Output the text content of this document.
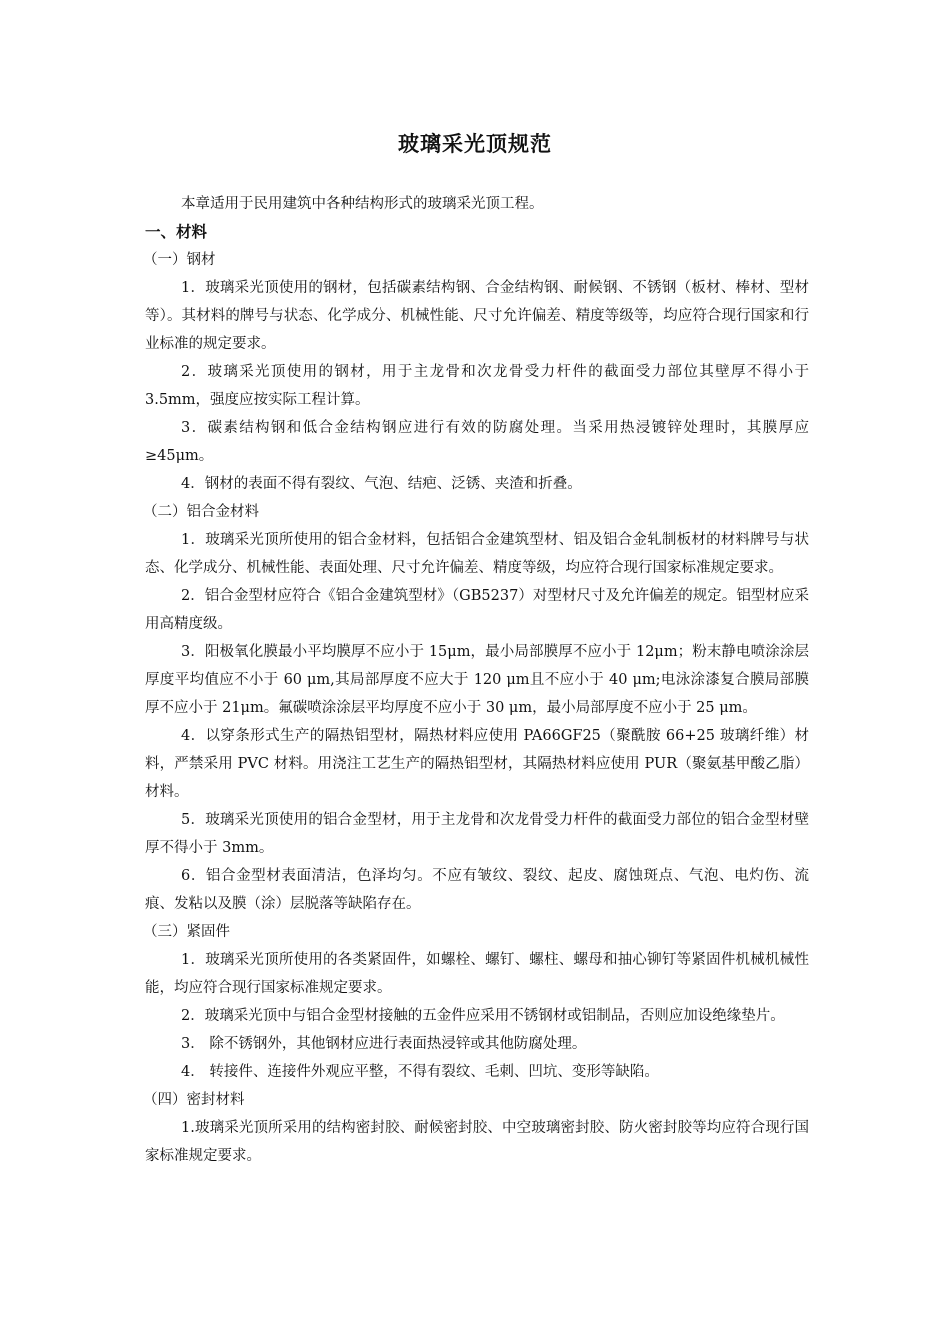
玻璃采光顶规范

本章适用于民用建筑中各种结构形式的玻璃采光顶工程。

一、材料

（一）钢材

1．玻璃采光顶使用的钢材，包括碳素结构钢、合金结构钢、耐候钢、不锈钢（板材、棒材、型材等）。其材料的牌号与状态、化学成分、机械性能、尺寸允许偏差、精度等级等，均应符合现行国家和行业标准的规定要求。

2．玻璃采光顶使用的钢材，用于主龙骨和次龙骨受力杆件的截面受力部位其壁厚不得小于 3.5mm，强度应按实际工程计算。

3．碳素结构钢和低合金结构钢应进行有效的防腐处理。当采用热浸镀锌处理时，其膜厚应≥45μm。

4．钢材的表面不得有裂纹、气泡、结疤、泛锈、夹渣和折叠。

（二）铝合金材料

1．玻璃采光顶所使用的铝合金材料，包括铝合金建筑型材、铝及铝合金轧制板材的材料牌号与状态、化学成分、机械性能、表面处理、尺寸允许偏差、精度等级，均应符合现行国家标准规定要求。

2．铝合金型材应符合《铝合金建筑型材》（GB5237）对型材尺寸及允许偏差的规定。铝型材应采用高精度级。

3．阳极氧化膜最小平均膜厚不应小于 15μm，最小局部膜厚不应小于 12μm；粉末静电喷涂涂层厚度平均值应不小于 60 μm,其局部厚度不应大于 120 μm且不应小于 40 μm;电泳涂漆复合膜局部膜厚不应小于 21μm。氟碳喷涂涂层平均厚度不应小于 30 μm，最小局部厚度不应小于 25 μm。

4．以穿条形式生产的隔热铝型材，隔热材料应使用 PA66GF25（聚酰胺 66+25 玻璃纤维）材料，严禁采用 PVC 材料。用浇注工艺生产的隔热铝型材，其隔热材料应使用 PUR（聚氨基甲酸乙脂）材料。

5．玻璃采光顶使用的铝合金型材，用于主龙骨和次龙骨受力杆件的截面受力部位的铝合金型材壁厚不得小于 3mm。

6．铝合金型材表面清洁，色泽均匀。不应有皱纹、裂纹、起皮、腐蚀斑点、气泡、电灼伤、流痕、发粘以及膜（涂）层脱落等缺陷存在。

（三）紧固件

1．玻璃采光顶所使用的各类紧固件，如螺栓、螺钉、螺柱、螺母和抽心铆钉等紧固件机械机械性能，均应符合现行国家标准规定要求。

2．玻璃采光顶中与铝合金型材接触的五金件应采用不锈钢材或铝制品，否则应加设绝缘垫片。

3． 除不锈钢外，其他钢材应进行表面热浸锌或其他防腐处理。

4． 转接件、连接件外观应平整，不得有裂纹、毛刺、凹坑、变形等缺陷。

（四）密封材料

1.玻璃采光顶所采用的结构密封胶、耐候密封胶、中空玻璃密封胶、防火密封胶等均应符合现行国家标准规定要求。
